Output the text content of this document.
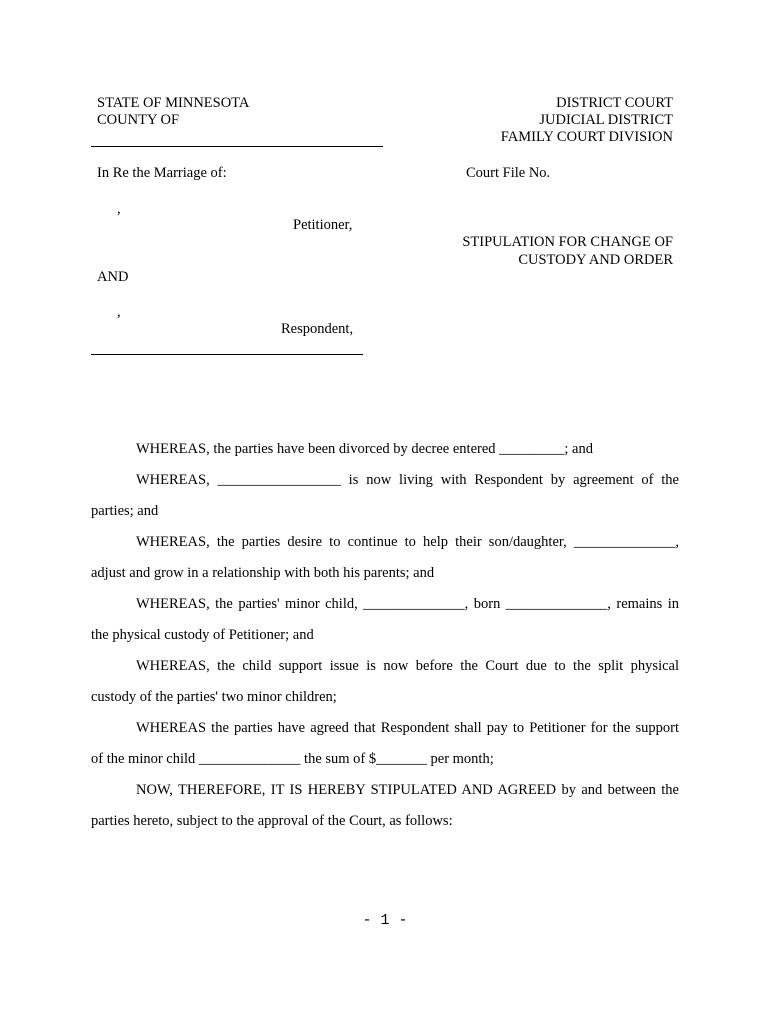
STATE OF MINNESOTA
COUNTY OF
DISTRICT COURT
JUDICIAL DISTRICT
FAMILY COURT DIVISION
In Re the Marriage of:	Court File No.
,
Petitioner,
STIPULATION FOR CHANGE OF
CUSTODY AND ORDER
AND
,
Respondent,

WHEREAS, the parties have been divorced by decree entered _________; and

WHEREAS, _________________ is now living with Respondent by agreement of the

parties; and

WHEREAS, the parties desire to continue to help their son/daughter, ______________,

adjust and grow in a relationship with both his parents; and

WHEREAS, the parties' minor child, ______________, born ______________, remains in

the physical custody of Petitioner; and

WHEREAS, the child support issue is now before the Court due to the split physical

custody of the parties' two minor children;

WHEREAS the parties have agreed that Respondent shall pay to Petitioner for the support

of the minor child ______________ the sum of $_______ per month;

NOW, THEREFORE, IT IS HEREBY STIPULATED AND AGREED by and between the

parties hereto, subject to the approval of the Court, as follows:

- 1 -
